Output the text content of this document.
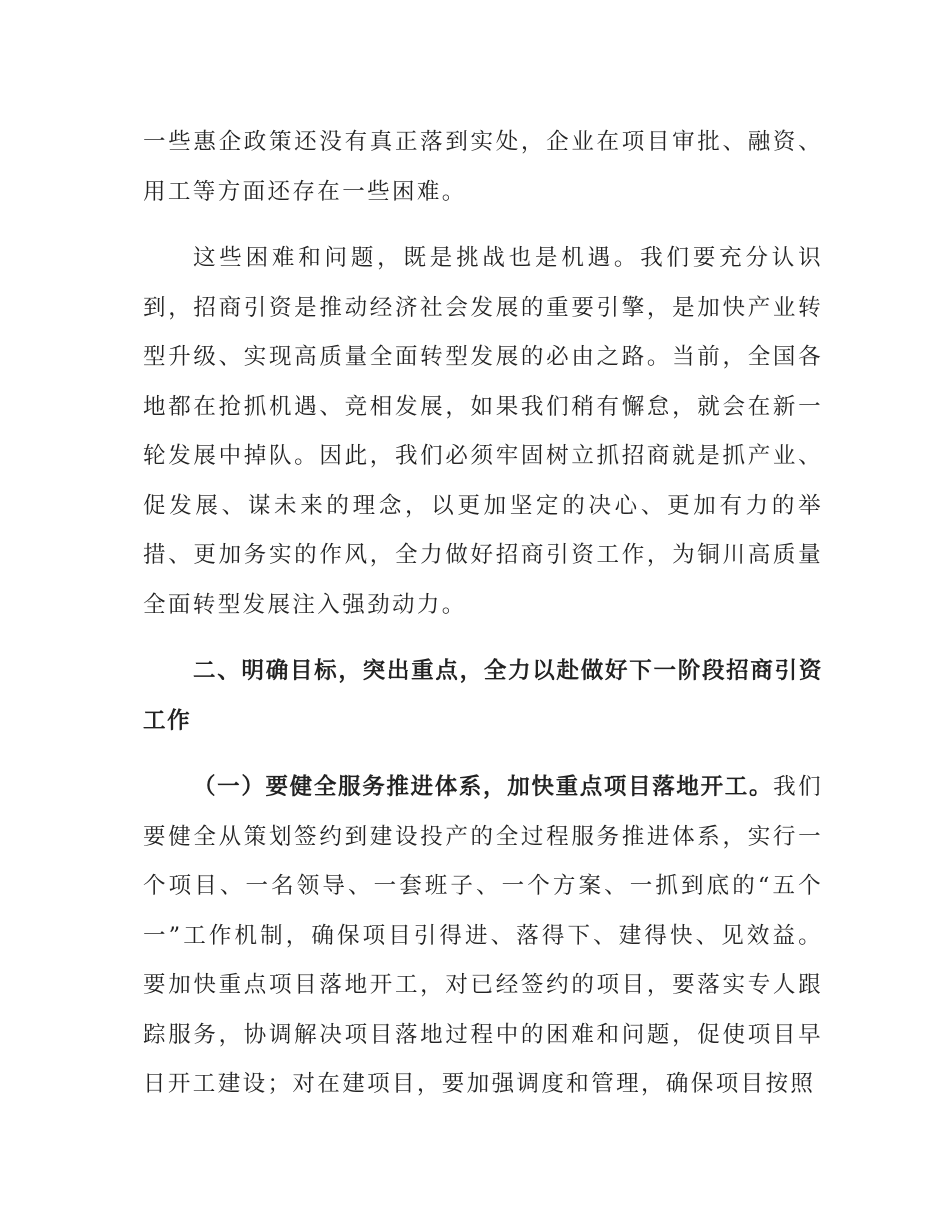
一些惠企政策还没有真正落到实处，企业在项目审批、融资、用工等方面还存在一些困难。

这些困难和问题，既是挑战也是机遇。我们要充分认识到，招商引资是推动经济社会发展的重要引擎，是加快产业转型升级、实现高质量全面转型发展的必由之路。当前，全国各地都在抢抓机遇、竞相发展，如果我们稍有懈怠，就会在新一轮发展中掉队。因此，我们必须牢固树立抓招商就是抓产业、促发展、谋未来的理念，以更加坚定的决心、更加有力的举措、更加务实的作风，全力做好招商引资工作，为铜川高质量全面转型发展注入强劲动力。

二、明确目标，突出重点，全力以赴做好下一阶段招商引资工作

（一）要健全服务推进体系，加快重点项目落地开工。我们要健全从策划签约到建设投产的全过程服务推进体系，实行一个项目、一名领导、一套班子、一个方案、一抓到底的“五个一”工作机制，确保项目引得进、落得下、建得快、见效益。要加快重点项目落地开工，对已经签约的项目，要落实专人跟踪服务，协调解决项目落地过程中的困难和问题，促使项目早日开工建设；对在建项目，要加强调度和管理，确保项目按照
